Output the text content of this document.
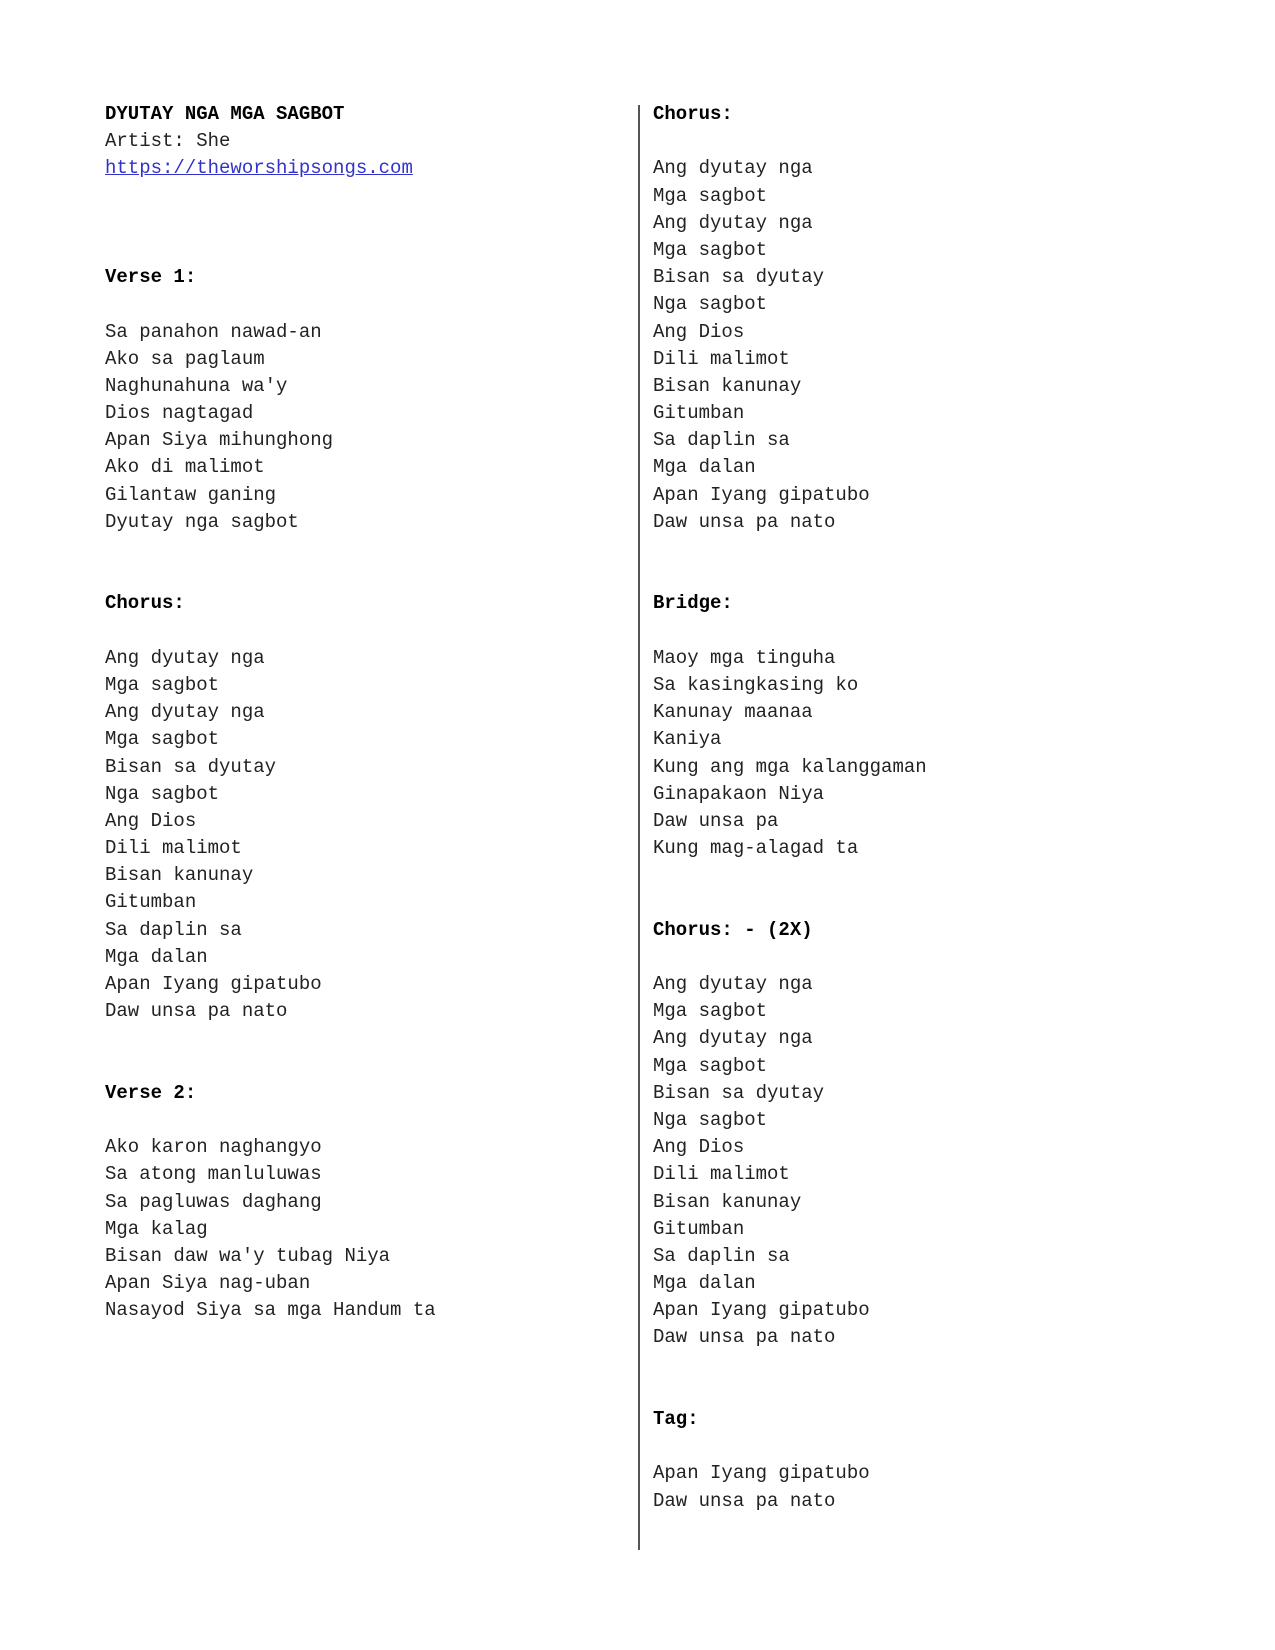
DYUTAY NGA MGA SAGBOT
Artist: She
https://theworshipsongs.com
Verse 1:
Sa panahon nawad-an
Ako sa paglaum
Naghunahuna wa'y
Dios nagtagad
Apan Siya mihunghong
Ako di malimot
Gilantaw ganing
Dyutay nga sagbot
Chorus:
Ang dyutay nga
Mga sagbot
Ang dyutay nga
Mga sagbot
Bisan sa dyutay
Nga sagbot
Ang Dios
Dili malimot
Bisan kanunay
Gitumban
Sa daplin sa
Mga dalan
Apan Iyang gipatubo
Daw unsa pa nato
Verse 2:
Ako karon naghangyo
Sa atong manluluwas
Sa pagluwas daghang
Mga kalag
Bisan daw wa'y tubag Niya
Apan Siya nag-uban
Nasayod Siya sa mga Handum ta
Chorus:
Ang dyutay nga
Mga sagbot
Ang dyutay nga
Mga sagbot
Bisan sa dyutay
Nga sagbot
Ang Dios
Dili malimot
Bisan kanunay
Gitumban
Sa daplin sa
Mga dalan
Apan Iyang gipatubo
Daw unsa pa nato
Bridge:
Maoy mga tinguha
Sa kasingkasing ko
Kanunay maanaa
Kaniya
Kung ang mga kalanggaman
Ginapakaon Niya
Daw unsa pa
Kung mag-alagad ta
Chorus: - (2X)
Ang dyutay nga
Mga sagbot
Ang dyutay nga
Mga sagbot
Bisan sa dyutay
Nga sagbot
Ang Dios
Dili malimot
Bisan kanunay
Gitumban
Sa daplin sa
Mga dalan
Apan Iyang gipatubo
Daw unsa pa nato
Tag:
Apan Iyang gipatubo
Daw unsa pa nato
